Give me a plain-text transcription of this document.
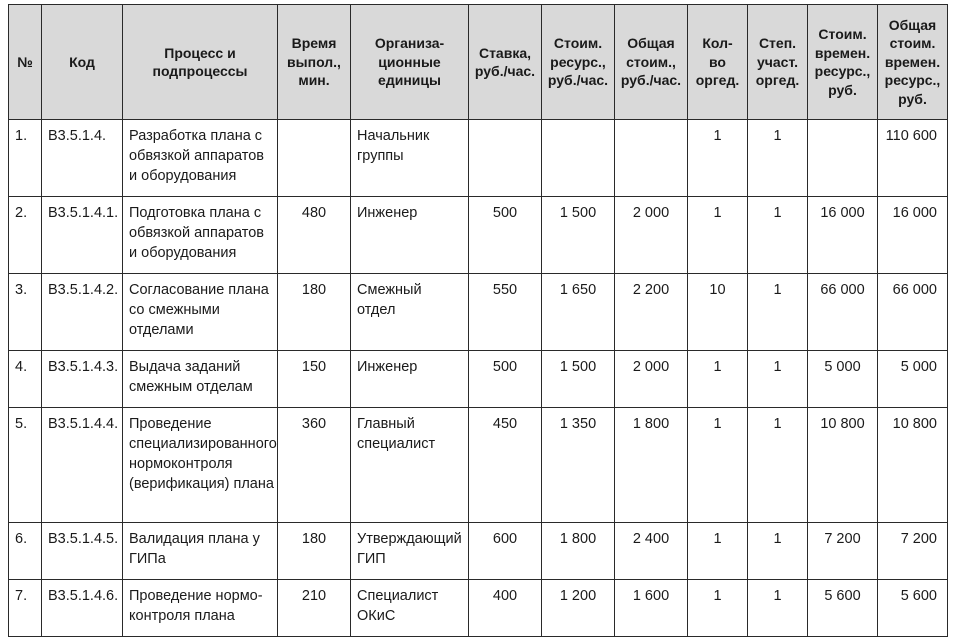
№	Код	Процесс и
подпроцессы	Время
выпол.,
мин.	Организа-
ционные
единицы	Ставка,
руб./час.	Стоим.
ресурс.,
руб./час.	Общая
стоим.,
руб./час.	Кол-
во
оргед.	Степ.
участ.
оргед.	Стоим.
времен.
ресурс.,
руб.	Общая
стоим.
времен.
ресурс.,
руб.
1.	В3.5.1.4.	Разработка плана с
обвязкой аппаратов
и оборудования		Начальник
группы				1	1		110 600
2.	В3.5.1.4.1.	Подготовка плана с
обвязкой аппаратов
и оборудования	480	Инженер	500	1 500	2 000	1	1	16 000	16 000
3.	В3.5.1.4.2.	Согласование плана
со смежными
отделами	180	Смежный
отдел	550	1 650	2 200	10	1	66 000	66 000
4.	В3.5.1.4.3.	Выдача заданий
смежным отделам	150	Инженер	500	1 500	2 000	1	1	5 000	5 000
5.	В3.5.1.4.4.	Проведение
специализированного
нормоконтроля
(верификация) плана	360	Главный
специалист	450	1 350	1 800	1	1	10 800	10 800
6.	В3.5.1.4.5.	Валидация плана у
ГИПа	180	Утверждающий
ГИП	600	1 800	2 400	1	1	7 200	7 200
7.	В3.5.1.4.6.	Проведение нормо-
контроля плана	210	Специалист
ОКиС	400	1 200	1 600	1	1	5 600	5 600
